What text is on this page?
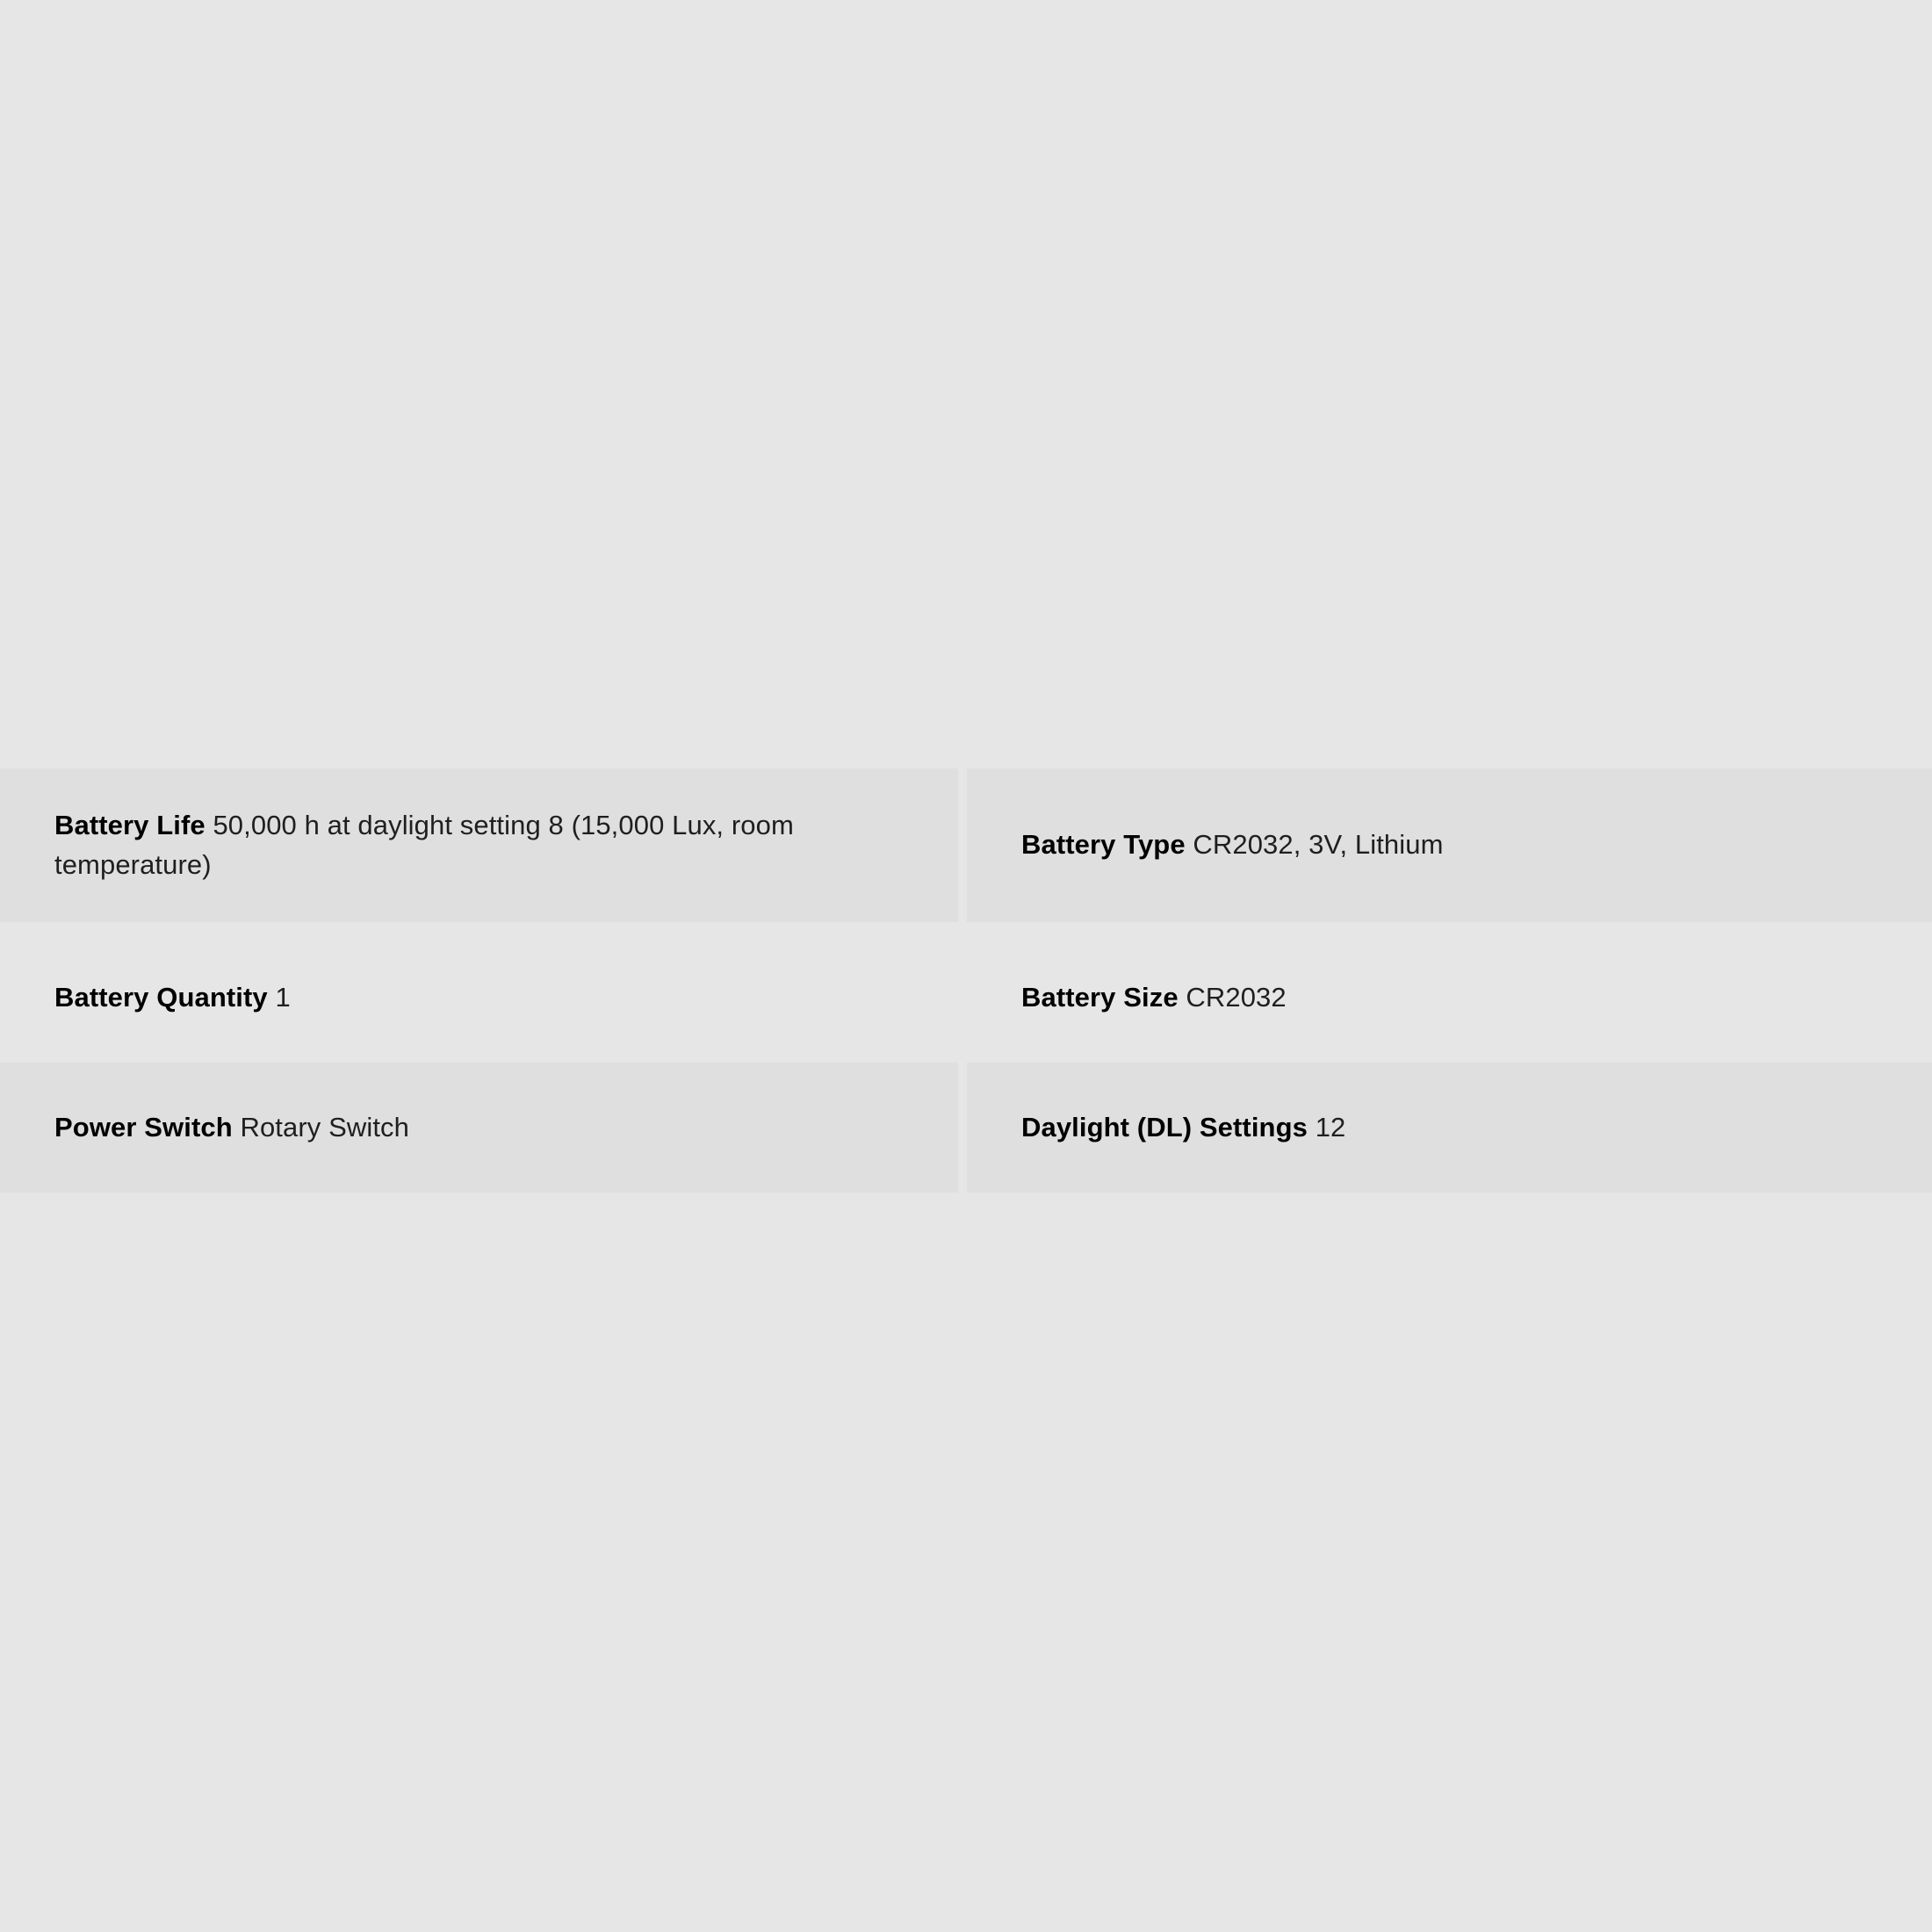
Battery Life 50,000 h at daylight setting 8 (15,000 Lux, room temperature)
Battery Type CR2032, 3V, Lithium
Battery Quantity 1	Battery Size CR2032
Power Switch Rotary Switch	Daylight (DL) Settings 12
